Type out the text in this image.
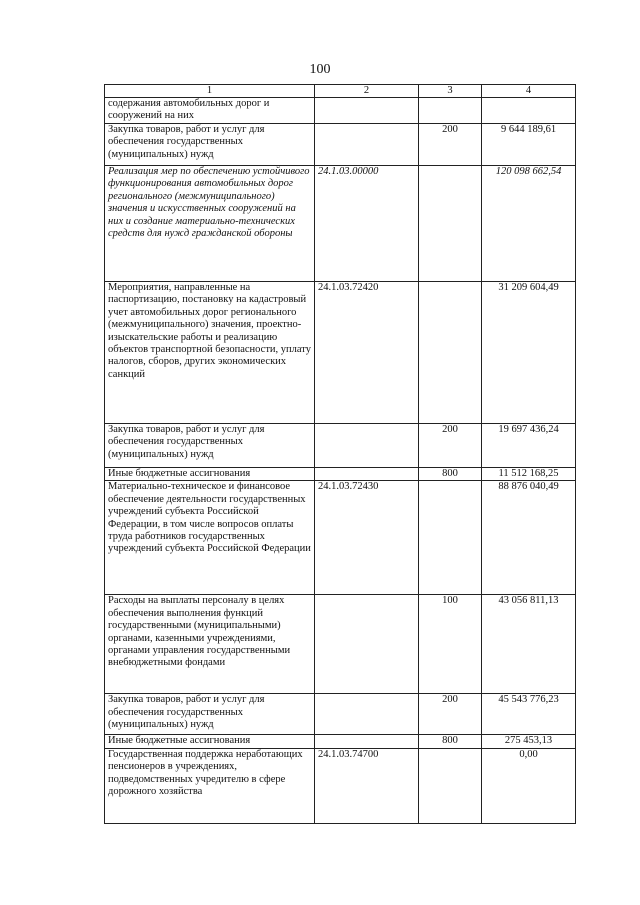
100
1	2	3	4
содержания автомобильных дорог и сооружений на них			
Закупка товаров, работ и услуг для обеспечения государственных (муниципальных) нужд		200	9 644 189,61
Реализация мер по обеспечению устойчивого функционирования автомобильных дорог регионального (межмуниципального) значения и искусственных сооружений на них и создание материально-технических средств для нужд гражданской обороны	24.1.03.00000		120 098 662,54
Мероприятия, направленные на паспортизацию, постановку на кадастровый учет автомобильных дорог регионального (межмуниципального) значения, проектно-изыскательские работы и реализацию объектов транспортной безопасности, уплату налогов, сборов, других экономических санкций	24.1.03.72420		31 209 604,49
Закупка товаров, работ и услуг для обеспечения государственных (муниципальных) нужд		200	19 697 436,24
Иные бюджетные ассигнования		800	11 512 168,25
Материально-техническое и финансовое обеспечение деятельности государственных учреждений субъекта Российской Федерации, в том числе вопросов оплаты труда работников государственных учреждений субъекта Российской Федерации	24.1.03.72430		88 876 040,49
Расходы на выплаты персоналу в целях обеспечения выполнения функций государственными (муниципальными) органами, казенными учреждениями, органами управления государственными внебюджетными фондами		100	43 056 811,13
Закупка товаров, работ и услуг для обеспечения государственных (муниципальных) нужд		200	45 543 776,23
Иные бюджетные ассигнования		800	275 453,13
Государственная поддержка неработающих пенсионеров в учреждениях, подведомственных учредителю в сфере дорожного хозяйства	24.1.03.74700		0,00
